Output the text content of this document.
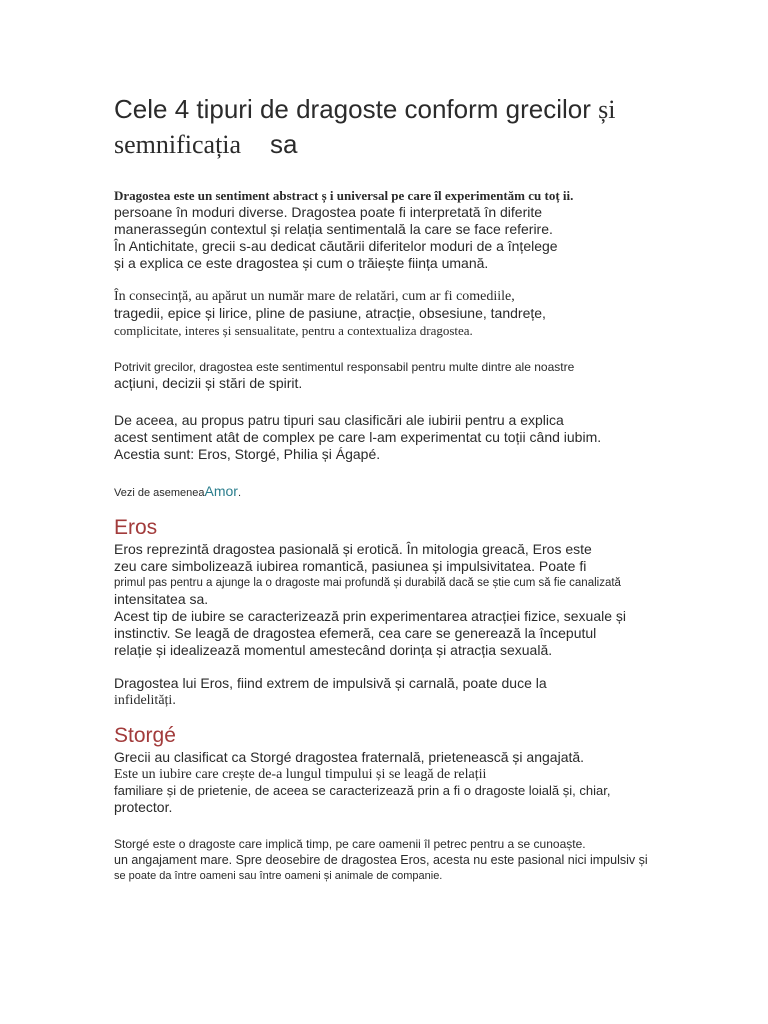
Cele 4 tipuri de dragoste conform grecilor și
semnificația sa

Dragostea este un sentiment abstract ș i universal pe care îl experimentăm cu toț ii.

persoane în moduri diverse. Dragostea poate fi interpretată în diferite

manerassegún contextul și relația sentimentală la care se face referire.

În Antichitate, grecii s-au dedicat căutării diferitelor moduri de a înțelege

și a explica ce este dragostea și cum o trăiește ființa umană.

În consecință, au apărut un număr mare de relatări, cum ar fi comediile,

tragedii, epice și lirice, pline de pasiune, atracție, obsesiune, tandrețe,

complicitate, interes și sensualitate, pentru a contextualiza dragostea.

Potrivit grecilor, dragostea este sentimentul responsabil pentru multe dintre ale noastre

acțiuni, decizii și stări de spirit.

De aceea, au propus patru tipuri sau clasificări ale iubirii pentru a explica

acest sentiment atât de complex pe care l-am experimentat cu toții când iubim.

Acestia sunt: Eros, Storgé, Philia și Ágapé.

Vezi de asemeneaAmor.

Eros

Eros reprezintă dragostea pasională și erotică. În mitologia greacă, Eros este

zeu care simbolizează iubirea romantică, pasiunea și impulsivitatea. Poate fi

primul pas pentru a ajunge la o dragoste mai profundă și durabilă dacă se știe cum să fie canalizată

intensitatea sa.

Acest tip de iubire se caracterizează prin experimentarea atracției fizice, sexuale și

instinctiv. Se leagă de dragostea efemeră, cea care se generează la începutul

relație și idealizează momentul amestecând dorința și atracția sexuală.

Dragostea lui Eros, fiind extrem de impulsivă și carnală, poate duce la

infidelități.

Storgé

Grecii au clasificat ca Storgé dragostea fraternală, prietenească și angajată.

Este un iubire care crește de-a lungul timpului și se leagă de relații

familiare și de prietenie, de aceea se caracterizează prin a fi o dragoste loială și, chiar,

protector.

Storgé este o dragoste care implică timp, pe care oamenii îl petrec pentru a se cunoaște.

un angajament mare. Spre deosebire de dragostea Eros, acesta nu este pasional nici impulsiv și

se poate da între oameni sau între oameni și animale de companie.
